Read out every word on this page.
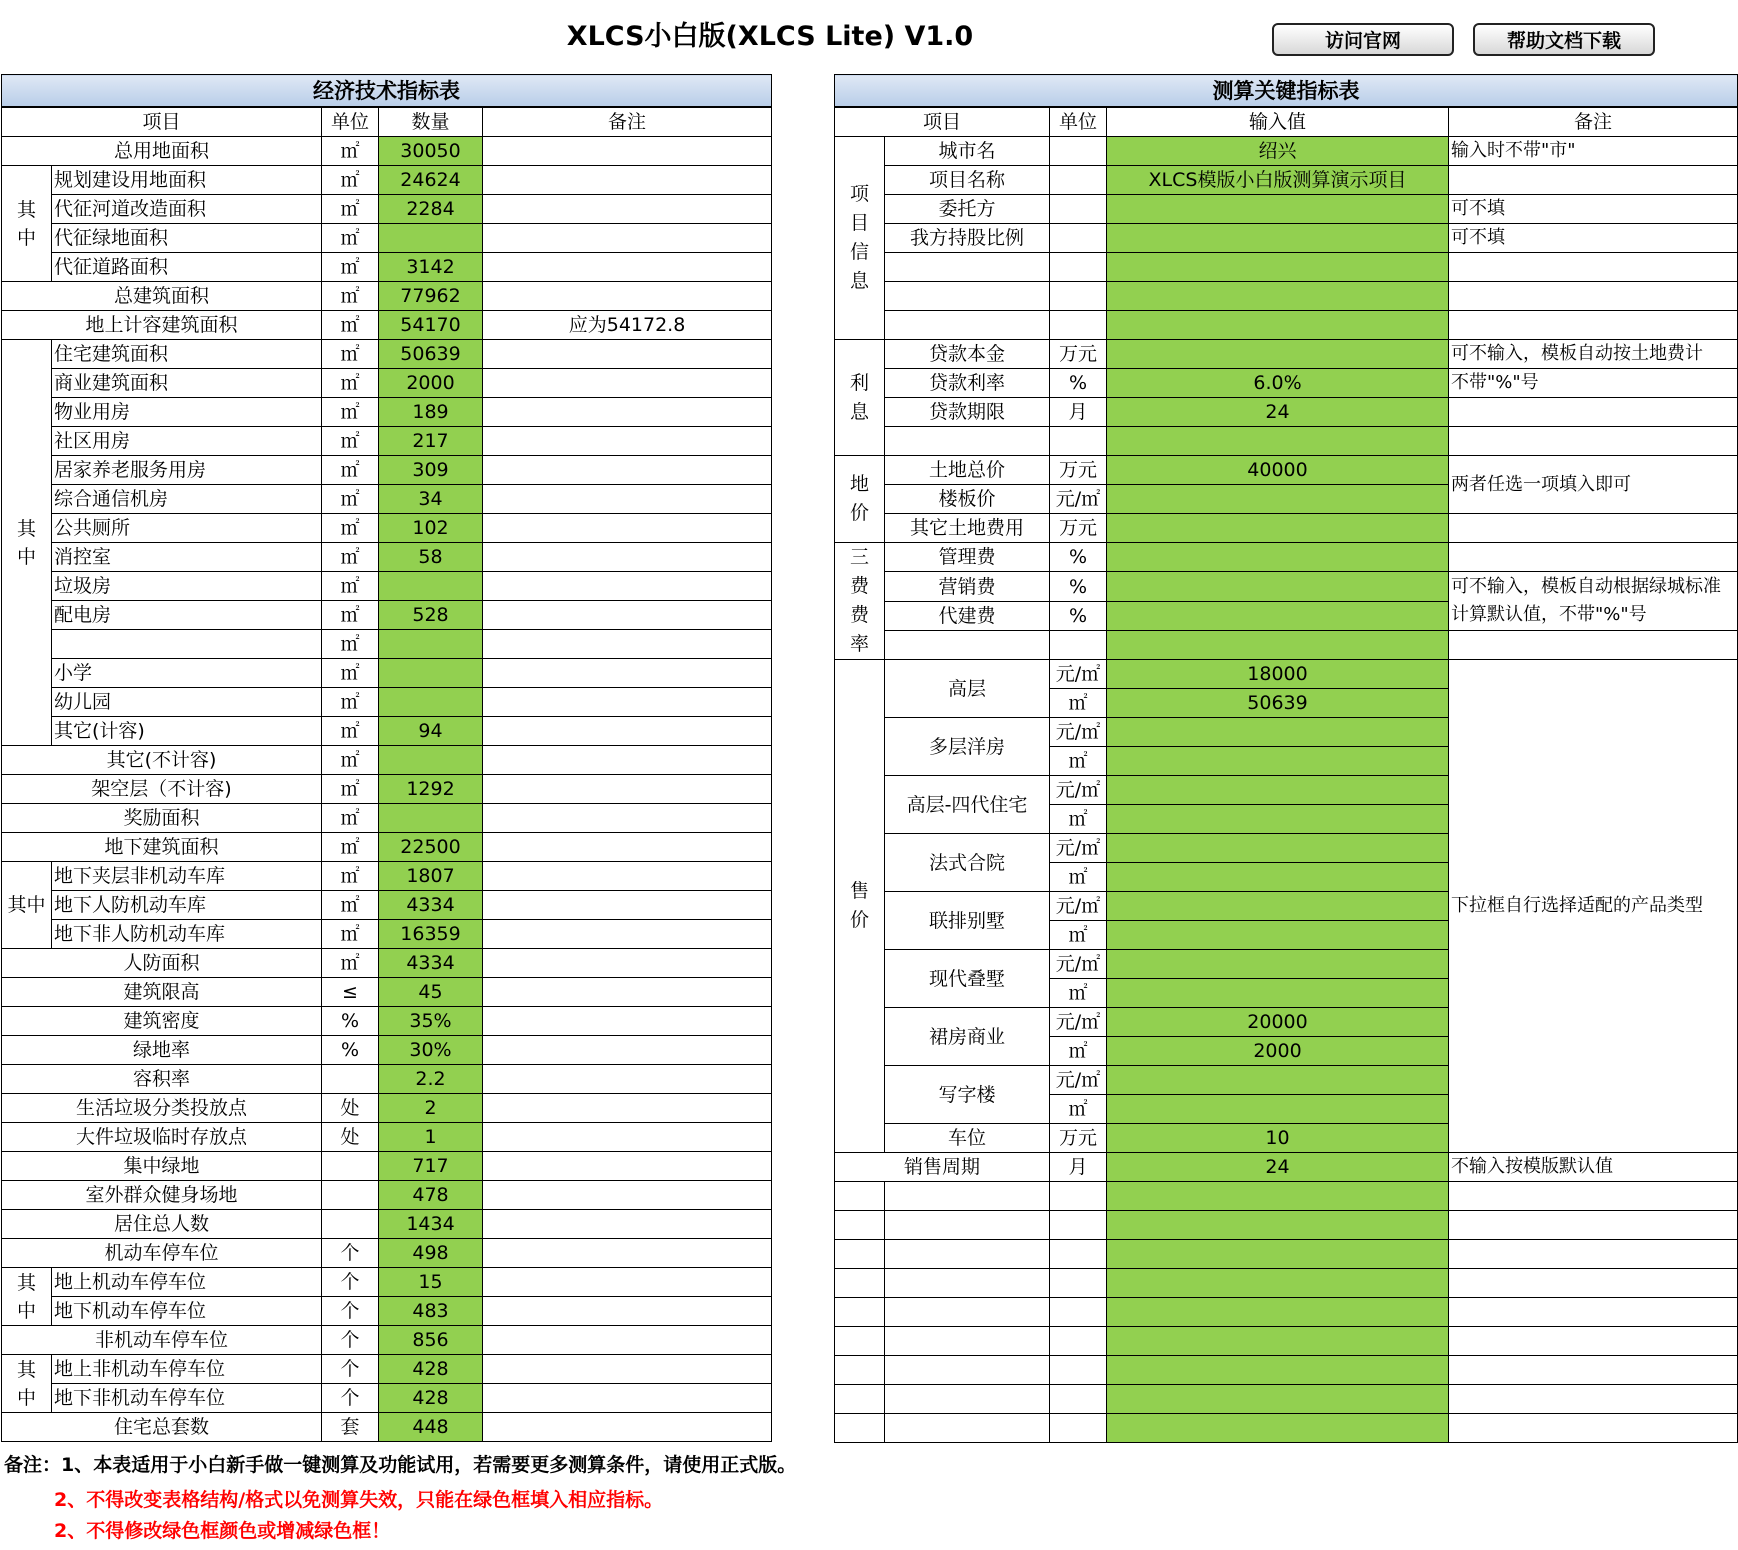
XLCS小白版(XLCS Lite) V1.0	访问官网	帮助文档下载
经济技术指标表				
项目		单位	数量	备注
总用地面积		㎡	30050	
其中	规划建设用地面积	㎡	24624	
	代征河道改造面积	㎡	2284	
	代征绿地面积	㎡		
	代征道路面积	㎡	3142	
总建筑面积		㎡	77962	
地上计容建筑面积		㎡	54170	应为54172.8
其中	住宅建筑面积	㎡	50639	
	商业建筑面积	㎡	2000	
	物业用房	㎡	189	
	社区用房	㎡	217	
	居家养老服务用房	㎡	309	
	综合通信机房	㎡	34	
	公共厕所	㎡	102	
	消控室	㎡	58	
	垃圾房	㎡		
	配电房	㎡	528	
		㎡		
	小学	㎡		
	幼儿园	㎡		
	其它(计容)	㎡	94	
其它(不计容)		㎡		
架空层（不计容)		㎡	1292	
奖励面积		㎡		
地下建筑面积		㎡	22500	
其中	地下夹层非机动车库	㎡	1807	
	地下人防机动车库	㎡	4334	
	地下非人防机动车库	㎡	16359	
人防面积		㎡	4334	
建筑限高		≤	45	
建筑密度		%	35%	
绿地率		%	30%	
容积率			2.2	
生活垃圾分类投放点		处	2	
大件垃圾临时存放点		处	1	
集中绿地			717	
室外群众健身场地			478	
居住总人数			1434	
机动车停车位		个	498	
其中	地上机动车停车位	个	15	
	地下机动车停车位	个	483	
非机动车停车位		个	856	
其中	地上非机动车停车位	个	428	
	地下非机动车停车位	个	428	
住宅总套数		套	448	
测算关键指标表				
项目		单位	输入值	备注
项目信息	城市名		绍兴	输入时不带"市"
	项目名称		XLCS模版小白版测算演示项目	
	委托方			可不填
	我方持股比例			可不填

利息	贷款本金	万元		可不输入，模板自动按土地费计
	贷款利率	%	6.0%	不带"%"号
	贷款期限	月	24	

地价	土地总价	万元	40000	两者任选一项填入即可
	楼板价	元/㎡		
	其它土地费用	万元		
三费费率	管理费	%		
	营销费	%		可不输入，模板自动根据绿城标准计算默认值，不带"%"号
	代建费	%		

售价	高层	元/㎡	18000	下拉框自行选择适配的产品类型
		㎡	50639	
	多层洋房	元/㎡		
		㎡		
	高层-四代住宅	元/㎡		
		㎡		
	法式合院	元/㎡		
		㎡		
	联排别墅	元/㎡		
		㎡		
	现代叠墅	元/㎡		
		㎡		
	裙房商业	元/㎡	20000	
		㎡	2000	
	写字楼	元/㎡		
		㎡		
	车位	万元	10	
销售周期		月	24	不输入按模版默认值

备注：1、本表适用于小白新手做一键测算及功能试用，若需要更多测算条件，请使用正式版。
2、不得改变表格结构/格式以免测算失效，只能在绿色框填入相应指标。
2、不得修改绿色框颜色或增减绿色框！
